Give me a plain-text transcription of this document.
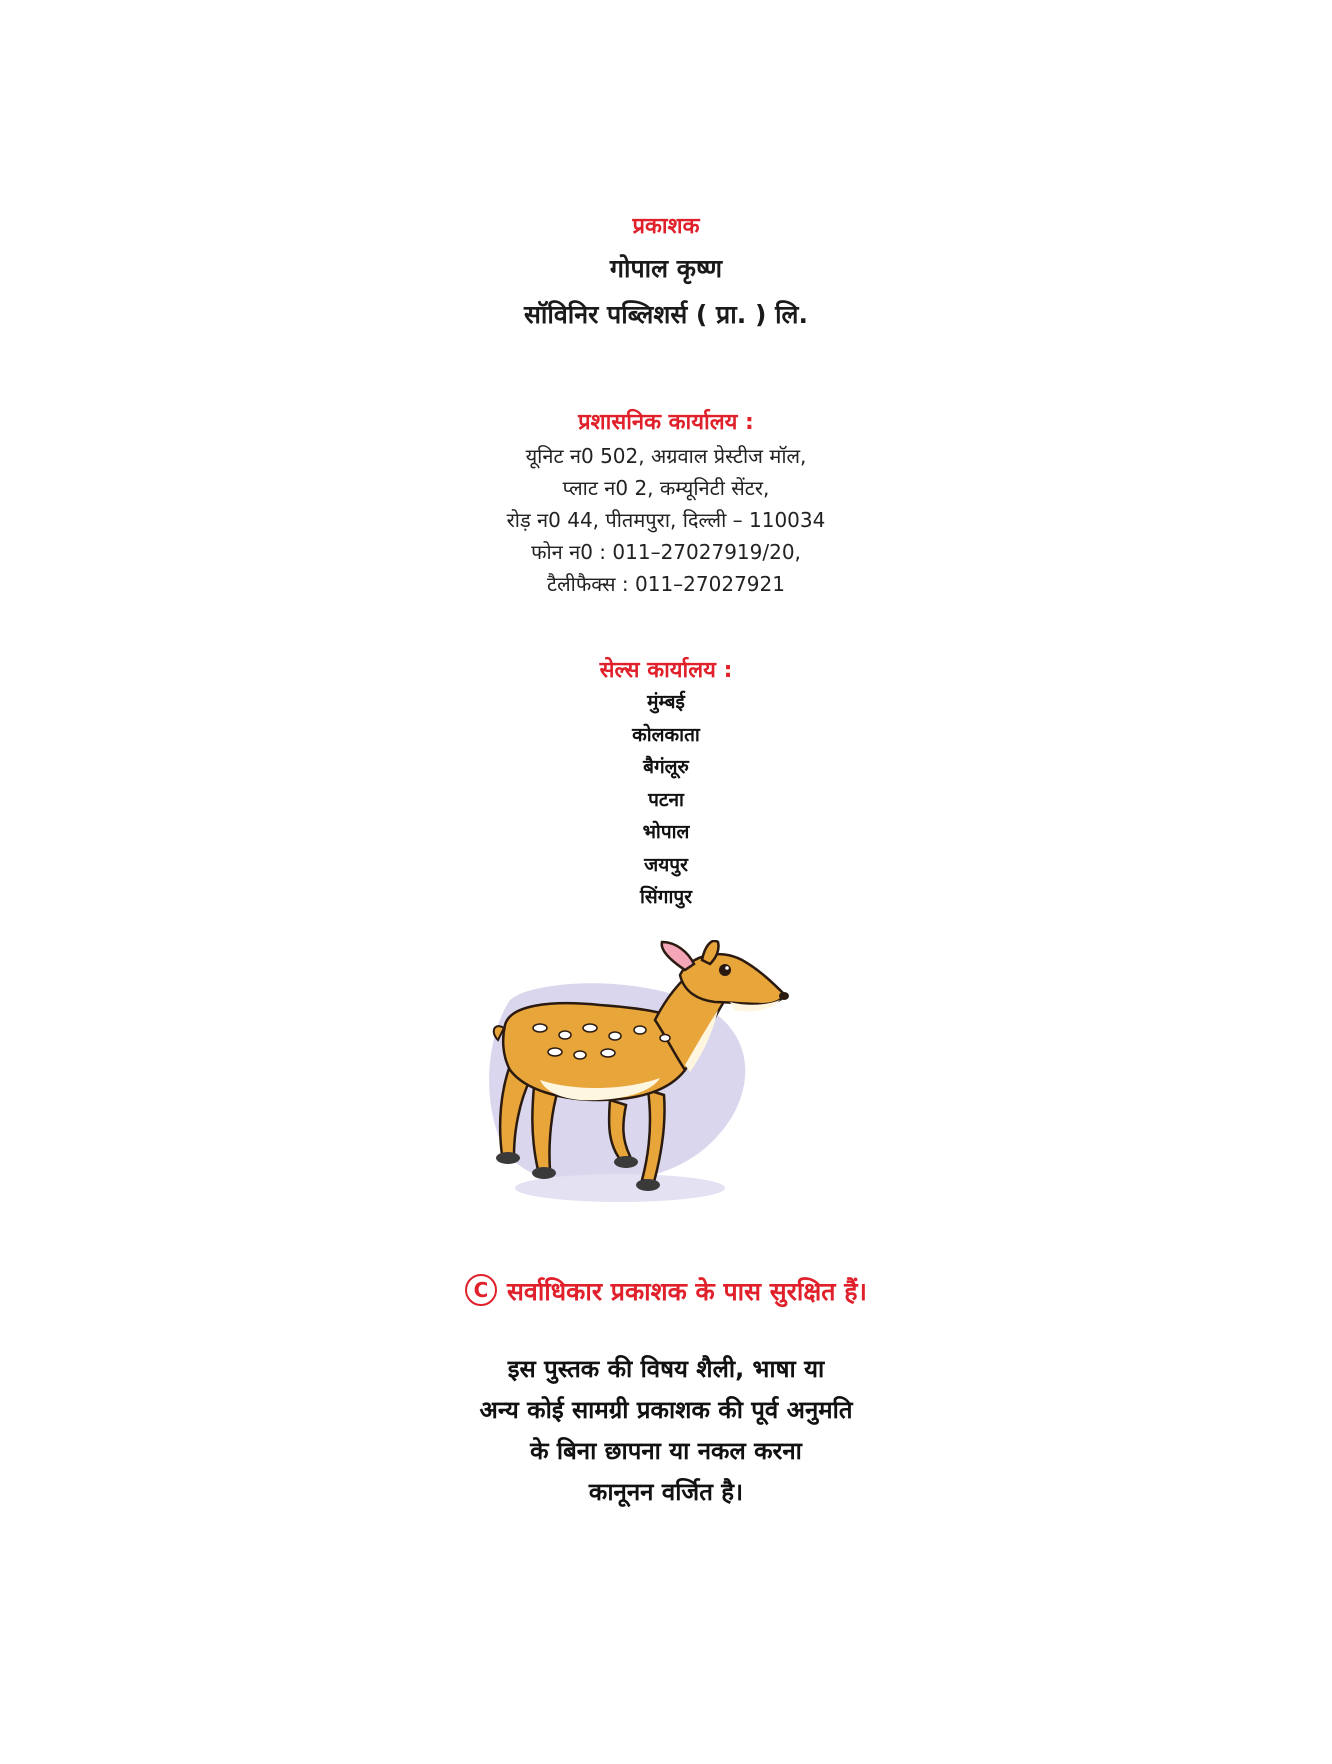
प्रकाशक
गोपाल कृष्ण
सॉविनिर पब्लिशर्स ( प्रा. ) लि.
प्रशासनिक कार्यालय :
यूनिट न0 502, अग्रवाल प्रेस्टीज मॉल,
प्लाट न0 2, कम्यूनिटी सेंटर,
रोड़ न0 44, पीतमपुरा, दिल्ली – 110034
फोन न0 : 011–27027919/20,
टैलीफैक्स : 011–27027921
सेल्स कार्यालय :
मुंम्बई
कोलकाता
बैगंलूरु
पटना
भोपाल
जयपुर
सिंगापुर
C सर्वाधिकार प्रकाशक के पास सुरक्षित हैं।
इस पुस्तक की विषय शैली, भाषा या
अन्य कोई सामग्री प्रकाशक की पूर्व अनुमति
के बिना छापना या नकल करना
कानूनन वर्जित है।
